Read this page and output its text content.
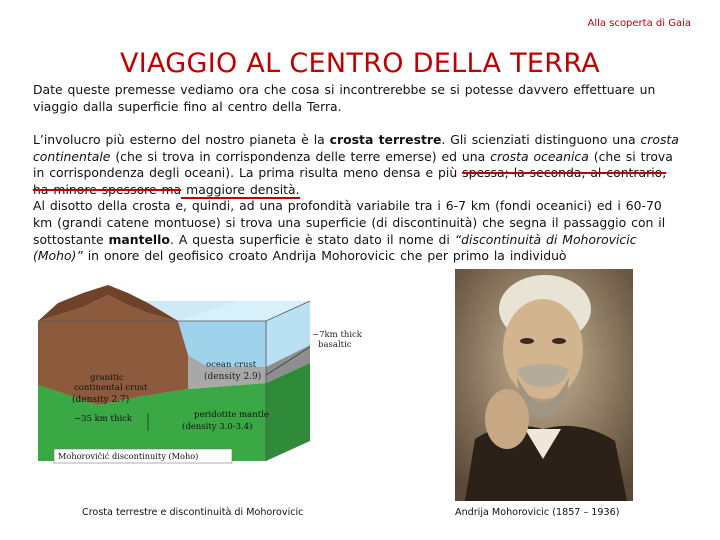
Alla scoperta di Gaia
VIAGGIO AL CENTRO DELLA TERRA
Date queste premesse vediamo ora che cosa si incontrerebbe se si potesse davvero effettuare un viaggio dalla superficie fino al centro della Terra.
L’involucro più esterno del nostro pianeta è la crosta terrestre. Gli scienziati distinguono una crosta continentale (che si trova in corrispondenza delle terre emerse) ed una crosta oceanica (che si trova in corrispondenza degli oceani). La prima risulta meno densa e più spessa; la seconda, al contrario, ha minore spessore ma maggiore densità.
Al disotto della crosta e, quindi, ad una profondità variabile tra i 6-7 km (fondi oceanici) ed i 60-70 km (grandi catene montuose) si trova una superficie (di discontinuità) che segna il passaggio con il sottostante mantello. A questa superficie è stato dato il nome di “discontinuità di Mohorovicic (Moho)” in onore del geofisico croato Andrija Mohorovicic che per primo la individuò
~7km thick
basaltic
ocean crust
(density 2.9)
granitic
continental crust
(density 2.7)
~35 km thick	peridotite mantle
(density 3.0-3.4)
Mohorovičić discontinuity (Moho)
Crosta terrestre e discontinuità di Mohorovicic	Andrija Mohorovicic (1857 – 1936)
